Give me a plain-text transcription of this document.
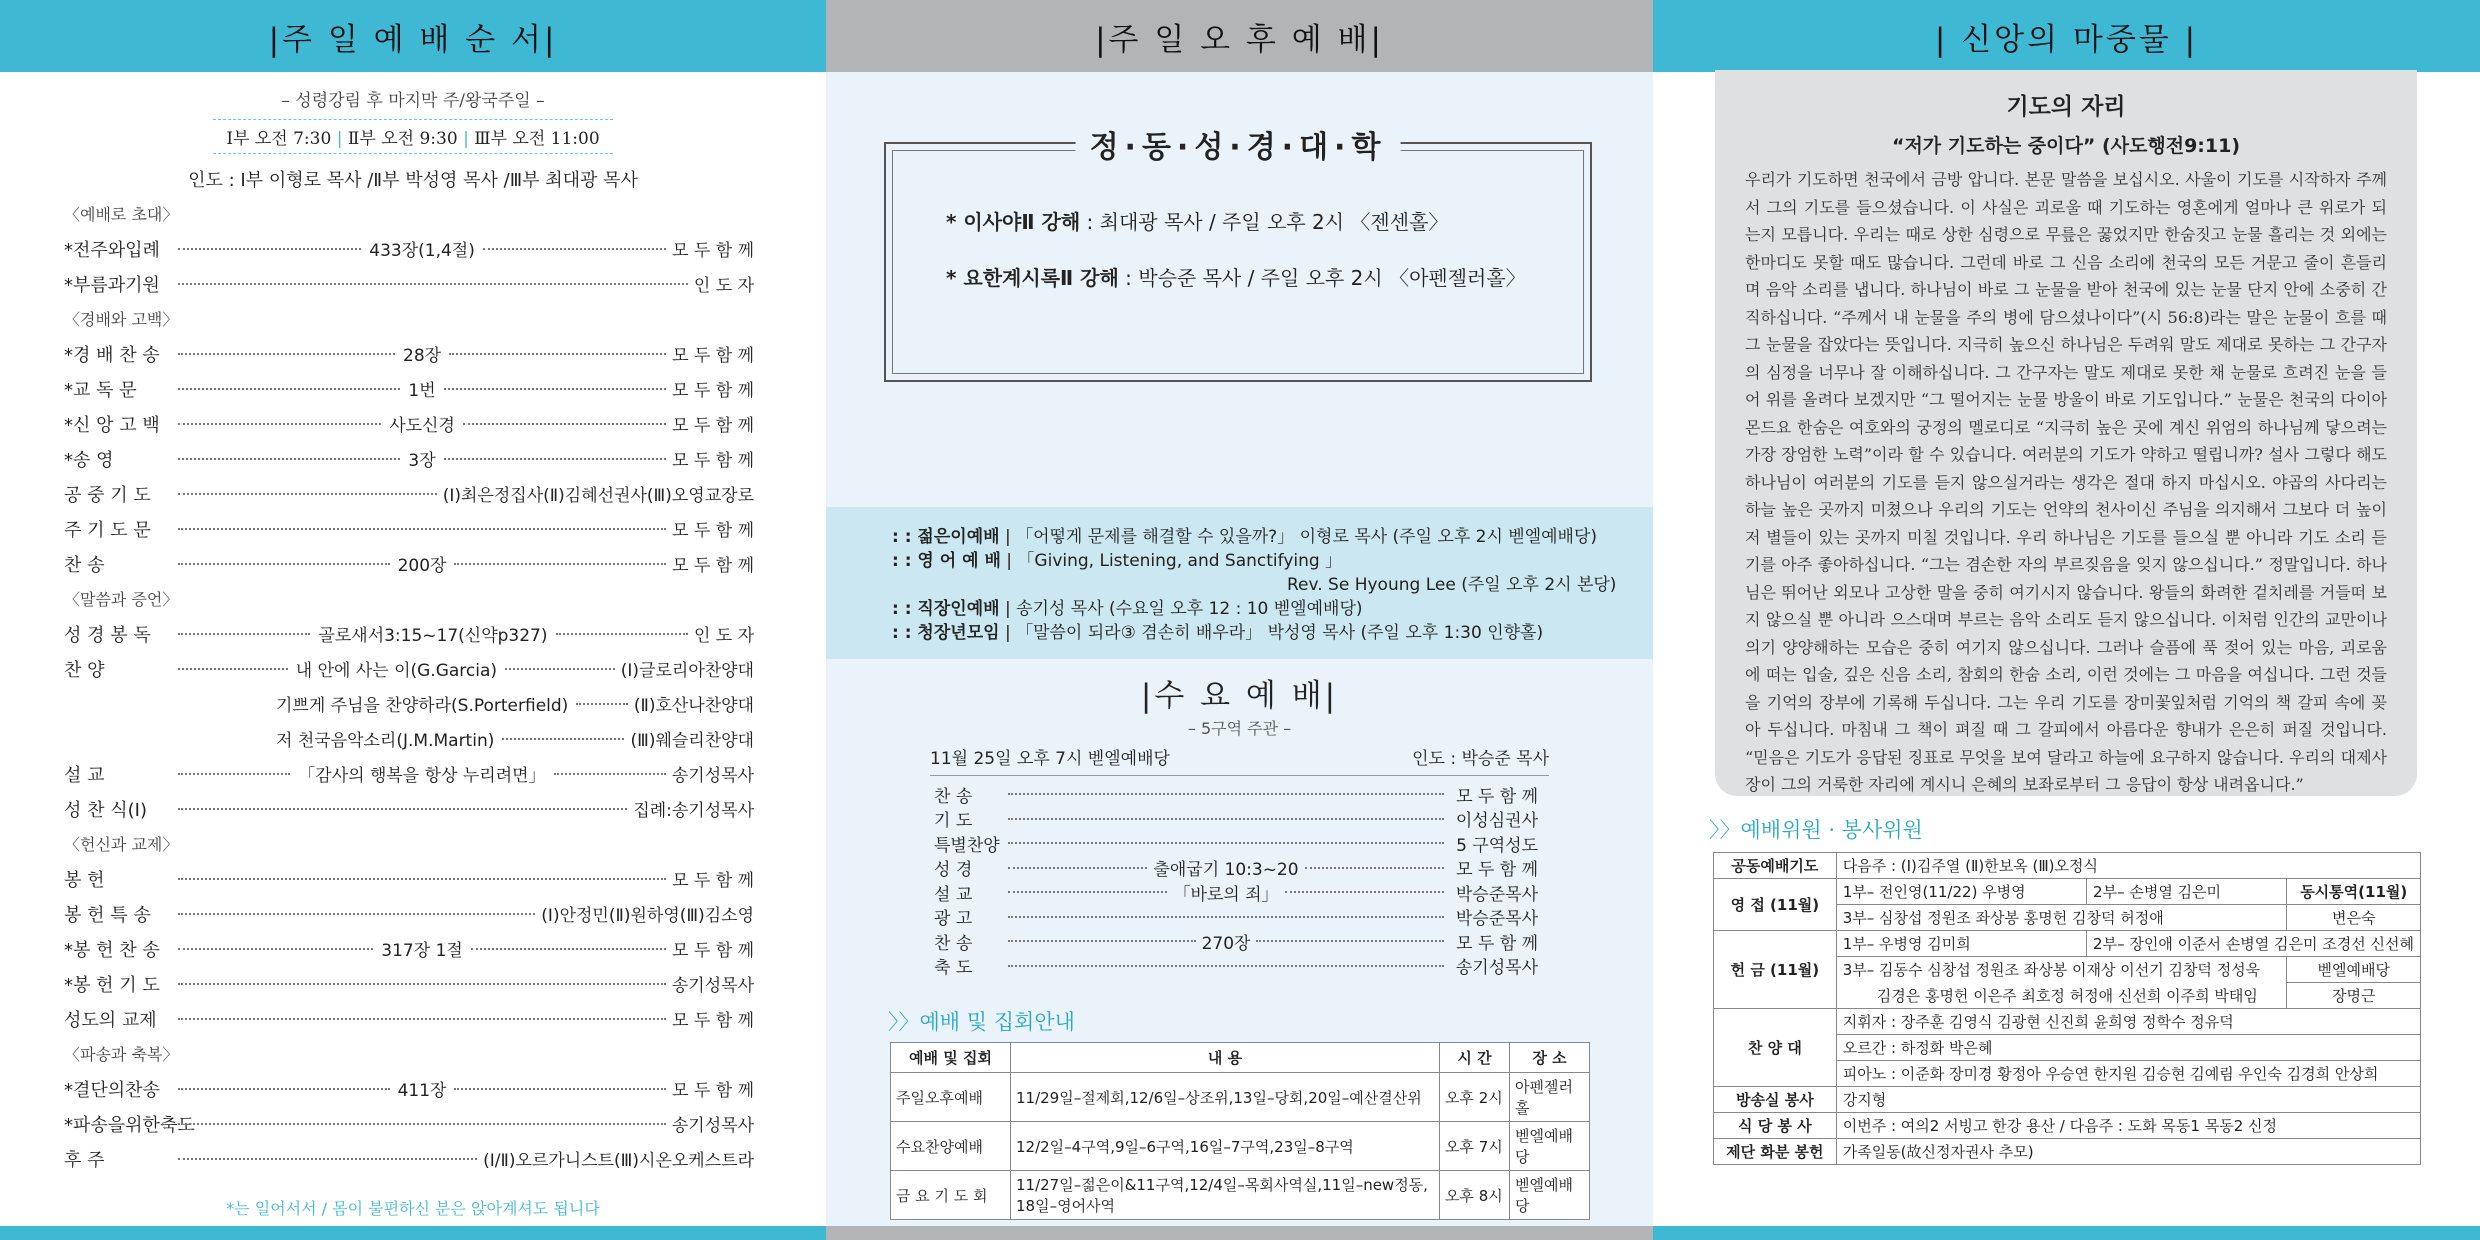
|주 일 예 배 순 서|
– 성령강림 후 마지막 주/왕국주일 –
Ⅰ부 오전 7:30 | Ⅱ부 오전 9:30 | Ⅲ부 오전 11:00
인도 : Ⅰ부 이형로 목사 /Ⅱ부 박성영 목사 /Ⅲ부 최대광 목사
〈예배로 초대〉
*전주와입례	433장(1,4절)	모 두 함 께
*부름과기원	인 도 자
〈경배와 고백〉
*경 배 찬 송	28장	모 두 함 께
*교 독 문	1번	모 두 함 께
*신 앙 고 백	사도신경	모 두 함 께
*송 영	3장	모 두 함 께
공 중 기 도	(Ⅰ)최은정집사(Ⅱ)김혜선권사(Ⅲ)오영교장로
주 기 도 문	모 두 함 께
찬 송	200장	모 두 함 께
〈말씀과 증언〉
성 경 봉 독	골로새서3:15~17(신약p327)	인 도 자
찬 양	내 안에 사는 이(G.Garcia)	(Ⅰ)글로리아찬양대
기쁘게 주님을 찬양하라(S.Porterfield)	(Ⅱ)호산나찬양대
저 천국음악소리(J.M.Martin)	(Ⅲ)웨슬리찬양대
설 교	「감사의 행복을 항상 누리려면」	송기성목사
성 찬 식(Ⅰ)	집례:송기성목사
〈헌신과 교제〉
봉 헌	모 두 함 께
봉 헌 특 송	(Ⅰ)안정민(Ⅱ)원하영(Ⅲ)김소영
*봉 헌 찬 송	317장 1절	모 두 함 께
*봉 헌 기 도	송기성목사
성도의 교제	모 두 함 께
〈파송과 축복〉
*결단의찬송	411장	모 두 함 께
*파송을위한축도	송기성목사
후 주	(Ⅰ/Ⅱ)오르가니스트(Ⅲ)시온오케스트라
*는 일어서서 / 몸이 불편하신 분은 앉아계셔도 됩니다
|주 일 오 후 예 배|
정·동·성·경·대·학
* 이사야Ⅱ 강해 : 최대광 목사 / 주일 오후 2시 〈젠센홀〉
* 요한계시록Ⅱ 강해 : 박승준 목사 / 주일 오후 2시 〈아펜젤러홀〉
: : 젊은이예배 | 「어떻게 문제를 해결할 수 있을까?」 이형로 목사 (주일 오후 2시 벧엘예배당)
: : 영 어 예 배 | 「Giving, Listening, and Sanctifying 」
Rev. Se Hyoung Lee (주일 오후 2시 본당)
: : 직장인예배 | 송기성 목사 (수요일 오후 12 : 10 벧엘예배당)
: : 청장년모임 | 「말씀이 되라③ 겸손히 배우라」 박성영 목사 (주일 오후 1:30 인향홀)
|수 요 예 배|
– 5구역 주관 –
11월 25일 오후 7시 벧엘예배당	인도 : 박승준 목사
찬 송	모 두 함 께
기 도	이성심권사
특별찬양	5 구역성도
성 경	출애굽기 10:3~20	모 두 함 께
설 교	「바로의 죄」	박승준목사
광 고	박승준목사
찬 송	270장	모 두 함 께
축 도	송기성목사
〉〉예배 및 집회안내
예배 및 집회	내 용	시 간	장 소
주일오후예배	11/29일–절제회,12/6일–상조위,13일–당회,20일–예산결산위	오후 2시	아펜젤러홀
수요찬양예배	12/2일–4구역,9일–6구역,16일–7구역,23일–8구역	오후 7시	벧엘예배당
금 요 기 도 회	11/27일–젊은이&11구역,12/4일–목회사역실,11일–new정동, 18일–영어사역	오후 8시	벧엘예배당
| 신앙의 마중물 |
기도의 자리
“저가 기도하는 중이다” (사도행전9:11)
우리가 기도하면 천국에서 금방 압니다. 본문 말씀을 보십시오. 사울이 기도를 시작하자 주께서 그의 기도를 들으셨습니다. 이 사실은 괴로울 때 기도하는 영혼에게 얼마나 큰 위로가 되는지 모릅니다. 우리는 때로 상한 심령으로 무릎은 꿇었지만 한숨짓고 눈물 흘리는 것 외에는 한마디도 못할 때도 많습니다. 그런데 바로 그 신음 소리에 천국의 모든 거문고 줄이 흔들리며 음악 소리를 냅니다. 하나님이 바로 그 눈물을 받아 천국에 있는 눈물 단지 안에 소중히 간직하십니다. “주께서 내 눈물을 주의 병에 담으셨나이다”(시 56:8)라는 말은 눈물이 흐를 때 그 눈물을 잡았다는 뜻입니다. 지극히 높으신 하나님은 두려워 말도 제대로 못하는 그 간구자의 심정을 너무나 잘 이해하십니다. 그 간구자는 말도 제대로 못한 채 눈물로 흐려진 눈을 들어 위를 올려다 보겠지만 “그 떨어지는 눈물 방울이 바로 기도입니다.” 눈물은 천국의 다이아몬드요 한숨은 여호와의 궁정의 멜로디로 “지극히 높은 곳에 계신 위엄의 하나님께 닿으려는 가장 장엄한 노력”이라 할 수 있습니다. 여러분의 기도가 약하고 떨립니까? 설사 그렇다 해도 하나님이 여러분의 기도를 듣지 않으실거라는 생각은 절대 하지 마십시오. 야곱의 사다리는 하늘 높은 곳까지 미쳤으나 우리의 기도는 언약의 천사이신 주님을 의지해서 그보다 더 높이 저 별들이 있는 곳까지 미칠 것입니다. 우리 하나님은 기도를 들으실 뿐 아니라 기도 소리 듣기를 아주 좋아하십니다. “그는 겸손한 자의 부르짖음을 잊지 않으십니다.” 정말입니다. 하나님은 뛰어난 외모나 고상한 말을 중히 여기시지 않습니다. 왕들의 화려한 겉치레를 거들떠 보지 않으실 뿐 아니라 으스대며 부르는 음악 소리도 듣지 않으십니다. 이처럼 인간의 교만이나 의기 양양해하는 모습은 중히 여기지 않으십니다. 그러나 슬픔에 푹 젖어 있는 마음, 괴로움에 떠는 입술, 깊은 신음 소리, 참회의 한숨 소리, 이런 것에는 그 마음을 여십니다. 그런 것들을 기억의 장부에 기록해 두십니다. 그는 우리 기도를 장미꽃잎처럼 기억의 책 갈피 속에 꽂아 두십니다. 마침내 그 책이 펴질 때 그 갈피에서 아름다운 향내가 은은히 퍼질 것입니다. “믿음은 기도가 응답된 징표로 무엇을 보여 달라고 하늘에 요구하지 않습니다. 우리의 대제사장이 그의 거룩한 자리에 계시니 은혜의 보좌로부터 그 응답이 항상 내려옵니다.”
〉〉예배위원 · 봉사위원
공동예배기도	다음주 : (Ⅰ)김주열 (Ⅱ)한보옥 (Ⅲ)오정식		
영 접 (11월)	1부– 전인영(11/22) 우병영	2부– 손병열 김은미	동시통역(11월)
	3부– 심창섭 정원조 좌상봉 홍명헌 김창덕 허정애		변은숙
헌 금 (11월)	1부– 우병영 김미희	2부– 장인애 이준서 손병열 김은미 조경선 신선혜	
	3부– 김동수 심창섭 정원조 좌상봉 이재상 이선기 김창덕 정성욱		벧엘예배당
	김경은 홍명헌 이은주 최호정 허정애 신선희 이주희 박태임		장명근
찬 양 대	지휘자 : 장주훈 김영식 김광현 신진희 윤희영 정학수 정유덕		
	오르간 : 하정화 박은혜		
	피아노 : 이준화 장미경 황정아 우승연 한지원 김승현 김예림 우인숙 김경희 안상희		
방송실 봉사	강지형		
식 당 봉 사	이번주 : 여의2 서빙고 한강 용산 / 다음주 : 도화 목동1 목동2 신정		
제단 화분 봉헌	가족일동(故신정자권사 추모)		
